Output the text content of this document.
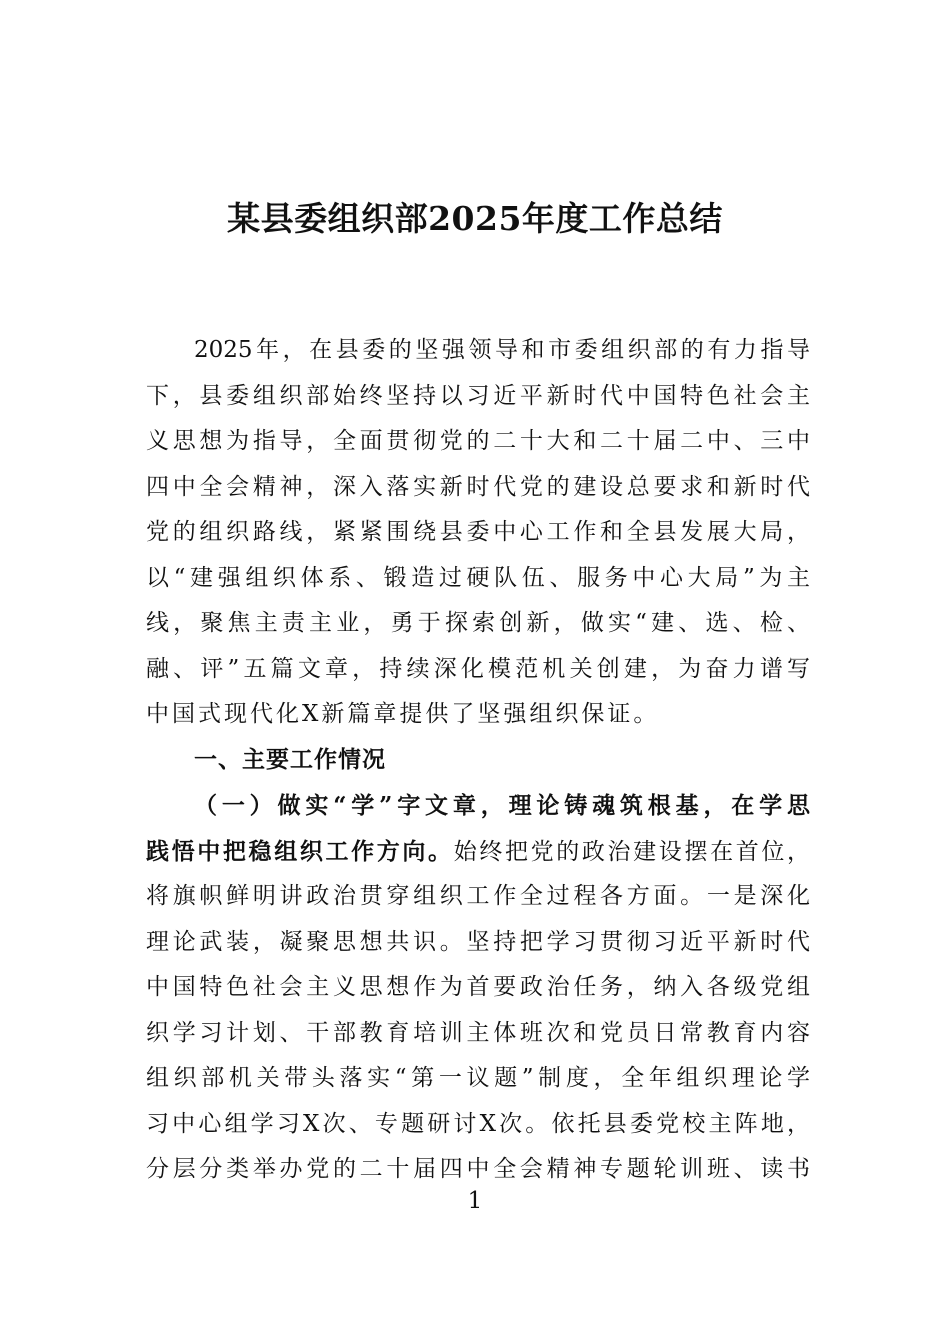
某县委组织部2025年度工作总结
2025年，在县委的坚强领导和市委组织部的有力指导
下，县委组织部始终坚持以习近平新时代中国特色社会主
义思想为指导，全面贯彻党的二十大和二十届二中、三中
四中全会精神，深入落实新时代党的建设总要求和新时代
党的组织路线，紧紧围绕县委中心工作和全县发展大局，
以“建强组织体系、锻造过硬队伍、服务中心大局”为主
线，聚焦主责主业，勇于探索创新，做实“建、选、检、
融、评”五篇文章，持续深化模范机关创建，为奋力谱写
中国式现代化X新篇章提供了坚强组织保证。
一、主要工作情况
（一）做实“学”字文章，理论铸魂筑根基，在学思
践悟中把稳组织工作方向。始终把党的政治建设摆在首位，
将旗帜鲜明讲政治贯穿组织工作全过程各方面。一是深化
理论武装，凝聚思想共识。坚持把学习贯彻习近平新时代
中国特色社会主义思想作为首要政治任务，纳入各级党组
织学习计划、干部教育培训主体班次和党员日常教育内容
组织部机关带头落实“第一议题”制度，全年组织理论学
习中心组学习X次、专题研讨X次。依托县委党校主阵地，
分层分类举办党的二十届四中全会精神专题轮训班、读书
1
